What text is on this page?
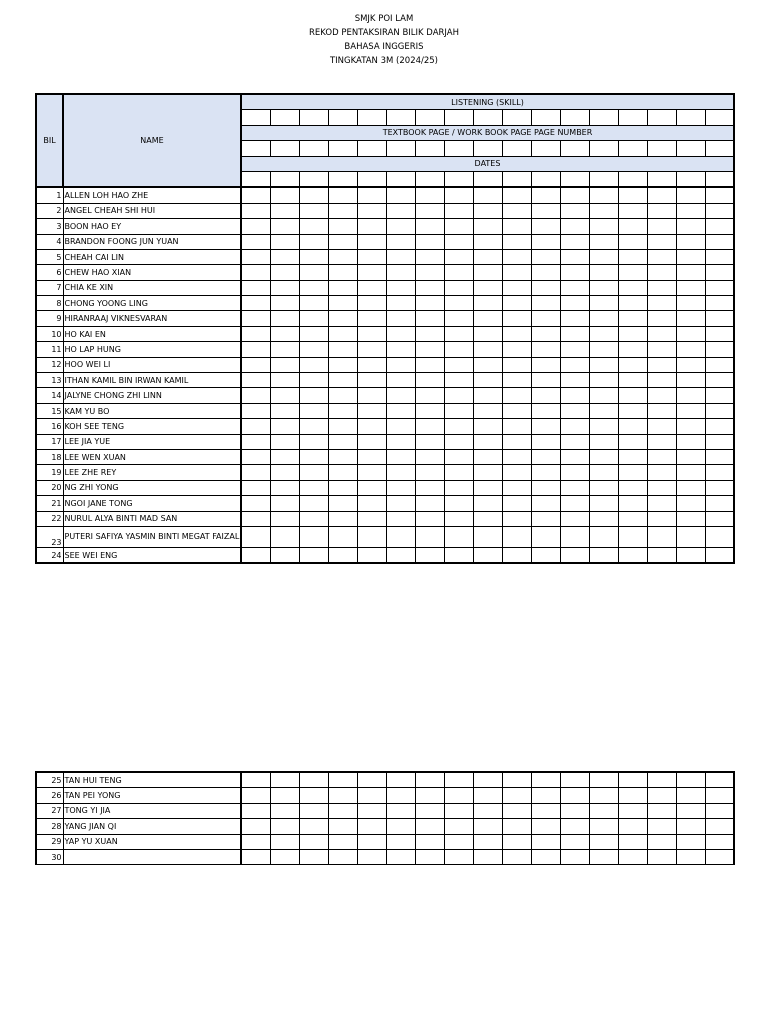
SMJK POI LAM
REKOD PENTAKSIRAN BILIK DARJAH
BAHASA INGGERIS
TINGKATAN 3M (2024/25)
BIL	NAME	LISTENING (SKILL)																

		TEXTBOOK PAGE / WORK BOOK PAGE PAGE NUMBER																

		DATES																

1	ALLEN LOH HAO ZHE																	
2	ANGEL CHEAH SHI HUI																	
3	BOON HAO EY																	
4	BRANDON FOONG JUN YUAN																	
5	CHEAH CAI LIN																	
6	CHEW HAO XIAN																	
7	CHIA KE XIN																	
8	CHONG YOONG LING																	
9	HIRANRAAJ VIKNESVARAN																	
10	HO KAI EN																	
11	HO LAP HUNG																	
12	HOO WEI LI																	
13	ITHAN KAMIL BIN IRWAN KAMIL																	
14	JALYNE CHONG ZHI LINN																	
15	KAM YU BO																	
16	KOH SEE TENG																	
17	LEE JIA YUE																	
18	LEE WEN XUAN																	
19	LEE ZHE REY																	
20	NG ZHI YONG																	
21	NGOI JANE TONG																	
22	NURUL ALYA BINTI MAD SAN																	
23	PUTERI SAFIYA YASMIN BINTI MEGAT FAIZAL																	
24	SEE WEI ENG																	
25	TAN HUI TENG																	
26	TAN PEI YONG																	
27	TONG YI JIA																	
28	YANG JIAN QI																	
29	YAP YU XUAN																	
30																		
